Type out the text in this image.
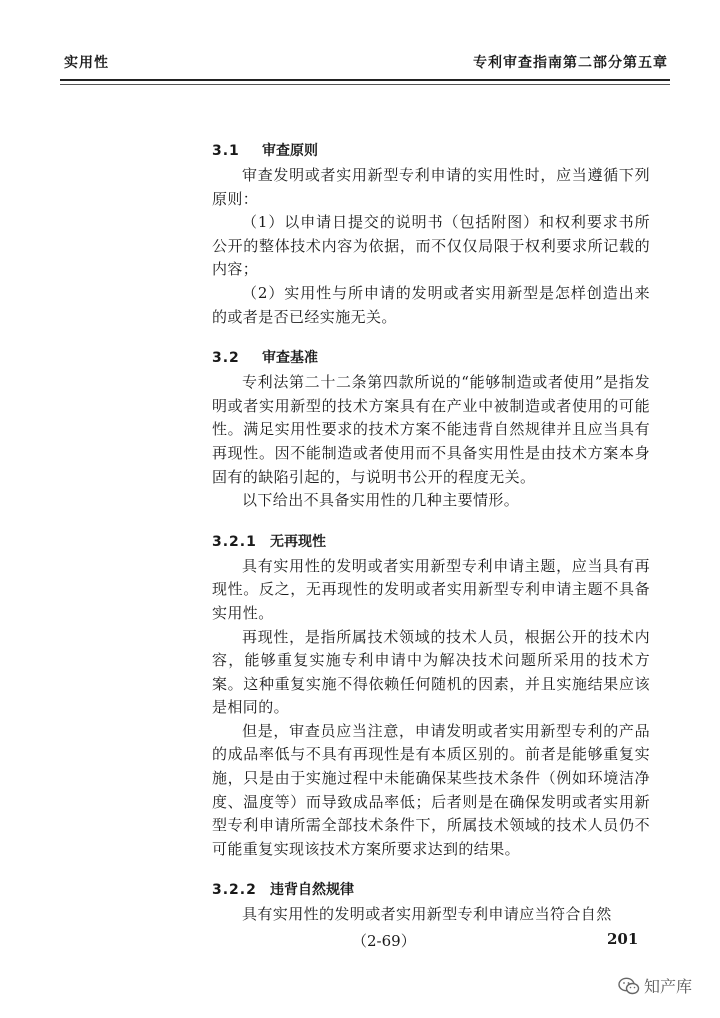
实用性	专利审查指南第二部分第五章
3.1 审查原则

审查发明或者实用新型专利申请的实用性时，应当遵循下列原则：

（1）以申请日提交的说明书（包括附图）和权利要求书所公开的整体技术内容为依据，而不仅仅局限于权利要求所记载的内容；

（2）实用性与所申请的发明或者实用新型是怎样创造出来的或者是否已经实施无关。

3.2 审查基准

专利法第二十二条第四款所说的“能够制造或者使用”是指发明或者实用新型的技术方案具有在产业中被制造或者使用的可能性。满足实用性要求的技术方案不能违背自然规律并且应当具有再现性。因不能制造或者使用而不具备实用性是由技术方案本身固有的缺陷引起的，与说明书公开的程度无关。

以下给出不具备实用性的几种主要情形。

3.2.1 无再现性

具有实用性的发明或者实用新型专利申请主题，应当具有再现性。反之，无再现性的发明或者实用新型专利申请主题不具备实用性。

再现性，是指所属技术领域的技术人员，根据公开的技术内容，能够重复实施专利申请中为解决技术问题所采用的技术方案。这种重复实施不得依赖任何随机的因素，并且实施结果应该是相同的。

但是，审查员应当注意，申请发明或者实用新型专利的产品的成品率低与不具有再现性是有本质区别的。前者是能够重复实施，只是由于实施过程中未能确保某些技术条件（例如环境洁净度、温度等）而导致成品率低；后者则是在确保发明或者实用新型专利申请所需全部技术条件下，所属技术领域的技术人员仍不可能重复实现该技术方案所要求达到的结果。

3.2.2 违背自然规律

具有实用性的发明或者实用新型专利申请应当符合自然

（2-69）	201
知产库
